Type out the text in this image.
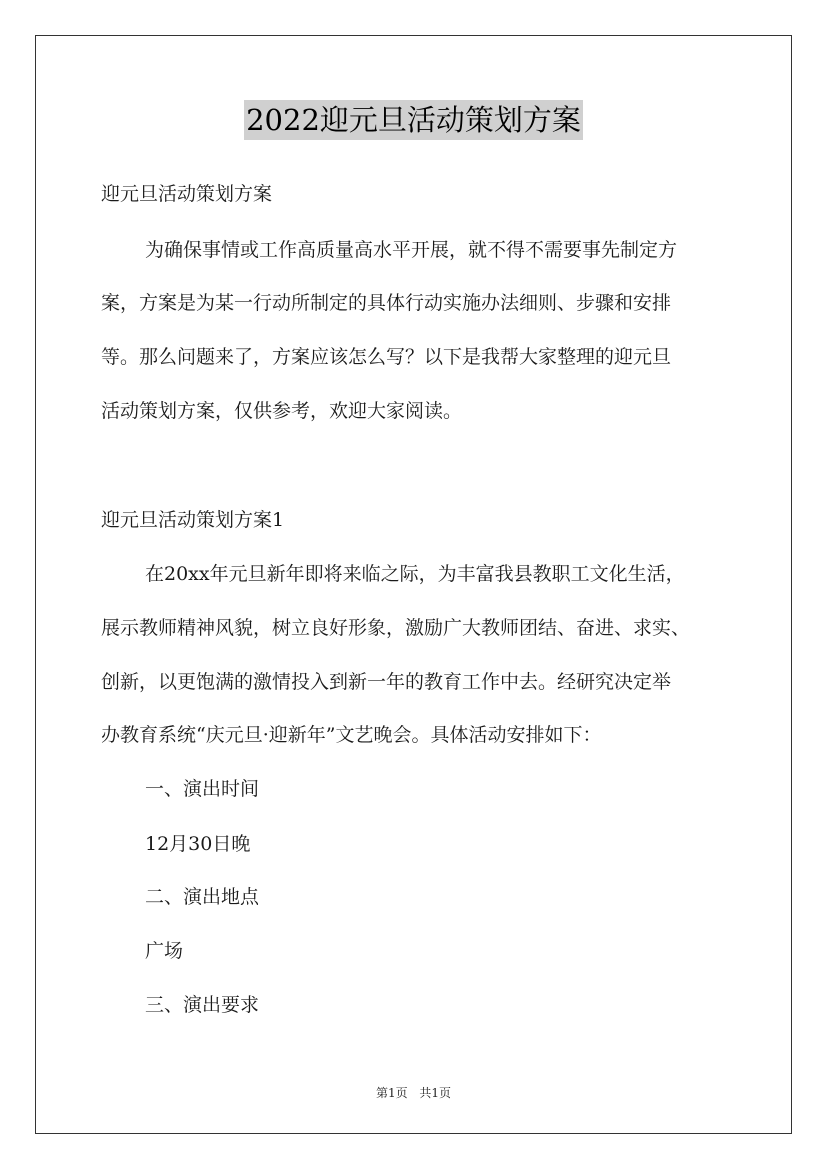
2022迎元旦活动策划方案
迎元旦活动策划方案
为确保事情或工作高质量高水平开展，就不得不需要事先制定方
案，方案是为某一行动所制定的具体行动实施办法细则、步骤和安排
等。那么问题来了，方案应该怎么写？以下是我帮大家整理的迎元旦
活动策划方案，仅供参考，欢迎大家阅读。
迎元旦活动策划方案1
在20xx年元旦新年即将来临之际，为丰富我县教职工文化生活，
展示教师精神风貌，树立良好形象，激励广大教师团结、奋进、求实、
创新，以更饱满的激情投入到新一年的教育工作中去。经研究决定举
办教育系统“庆元旦·迎新年”文艺晚会。具体活动安排如下：
一、演出时间
12月30日晚
二、演出地点
广场
三、演出要求
第1页 共1页
